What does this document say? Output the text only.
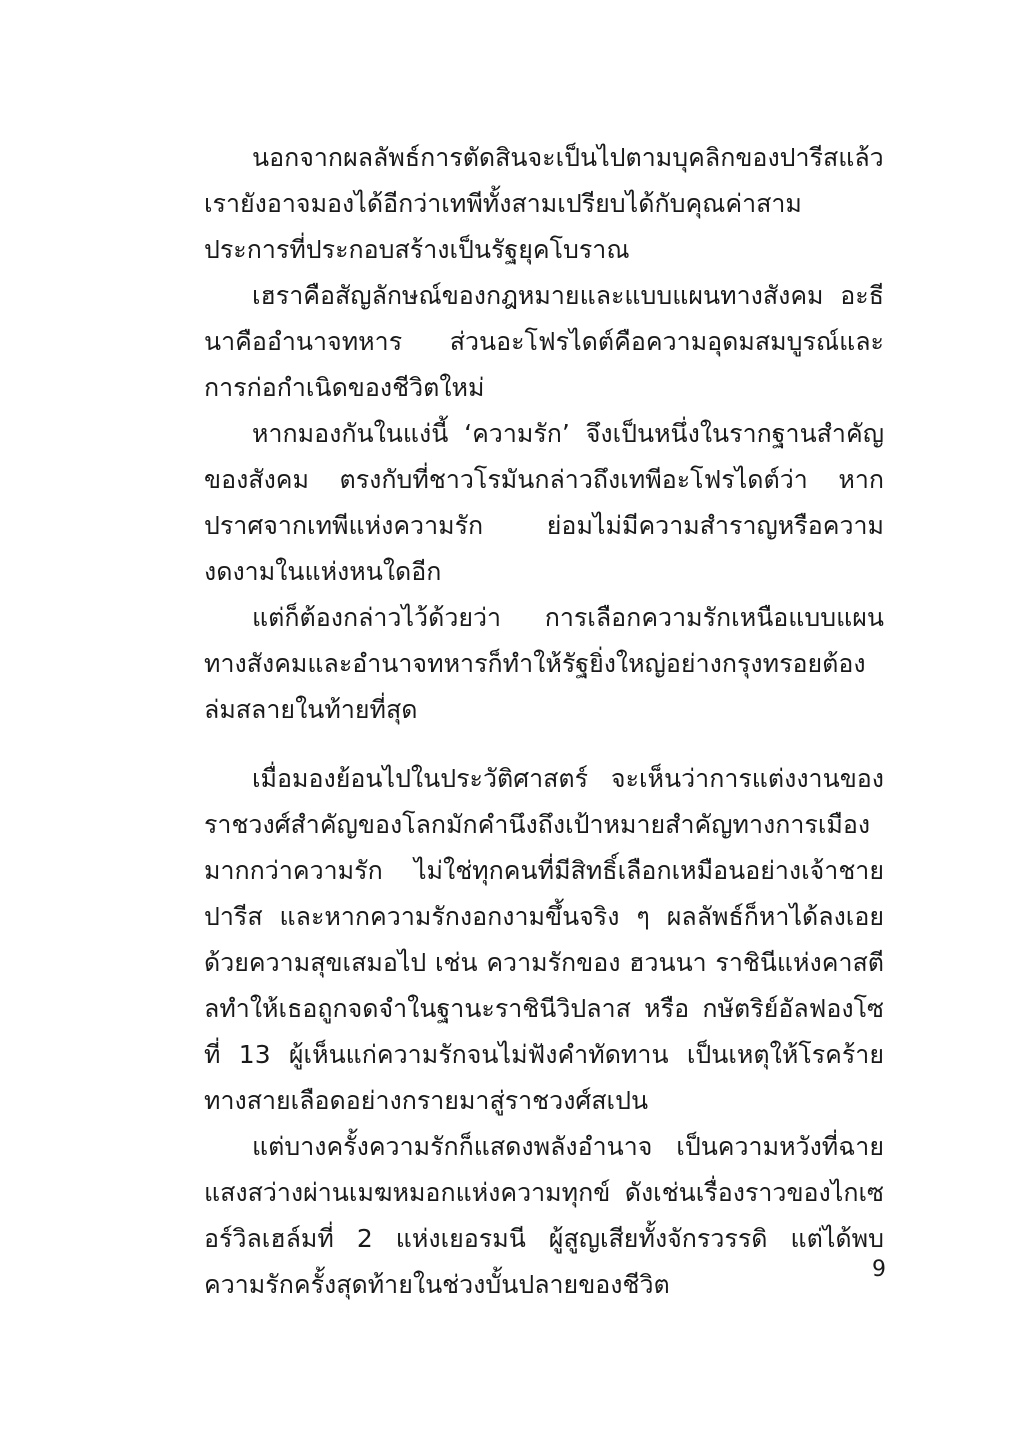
นอกจากผลลัพธ์การตัดสินจะเป็นไปตามบุคลิกของปารีสแล้ว เรายังอาจมองได้อีกว่าเทพีทั้งสามเปรียบได้กับคุณค่าสามประการที่ประกอบสร้างเป็นรัฐยุคโบราณ

เฮราคือสัญลักษณ์ของกฎหมายและแบบแผนทางสังคม อะธีนาคืออำนาจทหาร ส่วนอะโฟรไดต์คือความอุดมสมบูรณ์และการก่อกำเนิดของชีวิตใหม่

หากมองกันในแง่นี้ ‘ความรัก’ จึงเป็นหนึ่งในรากฐานสำคัญของสังคม ตรงกับที่ชาวโรมันกล่าวถึงเทพีอะโฟรไดต์ว่า หากปราศจากเทพีแห่งความรัก ย่อมไม่มีความสำราญหรือความงดงามในแห่งหนใดอีก

แต่ก็ต้องกล่าวไว้ด้วยว่า การเลือกความรักเหนือแบบแผนทางสังคมและอำนาจทหารก็ทำให้รัฐยิ่งใหญ่อย่างกรุงทรอยต้องล่มสลายในท้ายที่สุด

เมื่อมองย้อนไปในประวัติศาสตร์ จะเห็นว่าการแต่งงานของราชวงศ์สำคัญของโลกมักคำนึงถึงเป้าหมายสำคัญทางการเมืองมากกว่าความรัก ไม่ใช่ทุกคนที่มีสิทธิ์เลือกเหมือนอย่างเจ้าชายปารีส และหากความรักงอกงามขึ้นจริง ๆ ผลลัพธ์ก็หาได้ลงเอยด้วยความสุขเสมอไป เช่น ความรักของ ฮวนนา ราชินีแห่งคาสตีลทำให้เธอถูกจดจำในฐานะราชินีวิปลาส หรือ กษัตริย์อัลฟองโซที่ 13 ผู้เห็นแก่ความรักจนไม่ฟังคำทัดทาน เป็นเหตุให้โรคร้ายทางสายเลือดอย่างกรายมาสู่ราชวงศ์สเปน

แต่บางครั้งความรักก็แสดงพลังอำนาจ เป็นความหวังที่ฉายแสงสว่างผ่านเมฆหมอกแห่งความทุกข์ ดังเช่นเรื่องราวของไกเซอร์วิลเฮล์มที่ 2 แห่งเยอรมนี ผู้สูญเสียทั้งจักรวรรดิ แต่ได้พบความรักครั้งสุดท้ายในช่วงบั้นปลายของชีวิต

9
